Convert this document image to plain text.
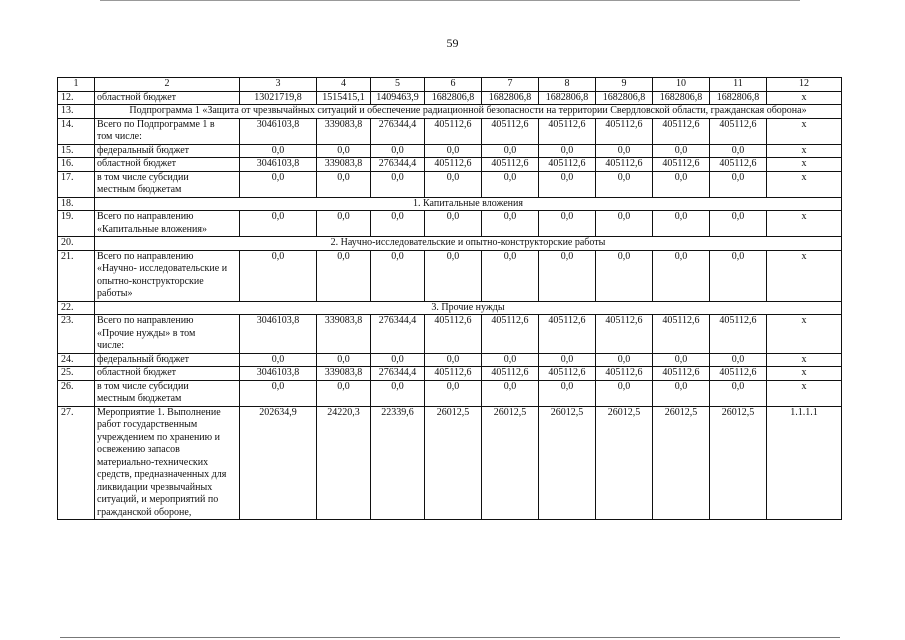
59
1	2	3	4	5	6	7	8	9	10	11	12
12.	областной бюджет	13021719,8	1515415,1	1409463,9	1682806,8	1682806,8	1682806,8	1682806,8	1682806,8	1682806,8	x
13.	Подпрограмма 1 «Защита от чрезвычайных ситуаций и обеспечение радиационной безопасности на территории Свердловской области, гражданская оборона»										
14.	Всего по Подпрограмме 1 в том числе:	3046103,8	339083,8	276344,4	405112,6	405112,6	405112,6	405112,6	405112,6	405112,6	x
15.	федеральный бюджет	0,0	0,0	0,0	0,0	0,0	0,0	0,0	0,0	0,0	x
16.	областной бюджет	3046103,8	339083,8	276344,4	405112,6	405112,6	405112,6	405112,6	405112,6	405112,6	x
17.	в том числе субсидии местным бюджетам	0,0	0,0	0,0	0,0	0,0	0,0	0,0	0,0	0,0	x
18.	1. Капитальные вложения										
19.	Всего по направлению «Капитальные вложения»	0,0	0,0	0,0	0,0	0,0	0,0	0,0	0,0	0,0	x
20.	2. Научно-исследовательские и опытно-конструкторские работы										
21.	Всего по направлению «Научно- исследовательские и опытно-конструкторские работы»	0,0	0,0	0,0	0,0	0,0	0,0	0,0	0,0	0,0	x
22.	3. Прочие нужды										
23.	Всего по направлению «Прочие нужды» в том числе:	3046103,8	339083,8	276344,4	405112,6	405112,6	405112,6	405112,6	405112,6	405112,6	x
24.	федеральный бюджет	0,0	0,0	0,0	0,0	0,0	0,0	0,0	0,0	0,0	x
25.	областной бюджет	3046103,8	339083,8	276344,4	405112,6	405112,6	405112,6	405112,6	405112,6	405112,6	x
26.	в том числе субсидии местным бюджетам	0,0	0,0	0,0	0,0	0,0	0,0	0,0	0,0	0,0	x
27.	Мероприятие 1. Выполнение работ государственным учреждением по хранению и освежению запасов материально-технических средств, предназначенных для ликвидации чрезвычайных ситуаций, и мероприятий по гражданской обороне,	202634,9	24220,3	22339,6	26012,5	26012,5	26012,5	26012,5	26012,5	26012,5	1.1.1.1
